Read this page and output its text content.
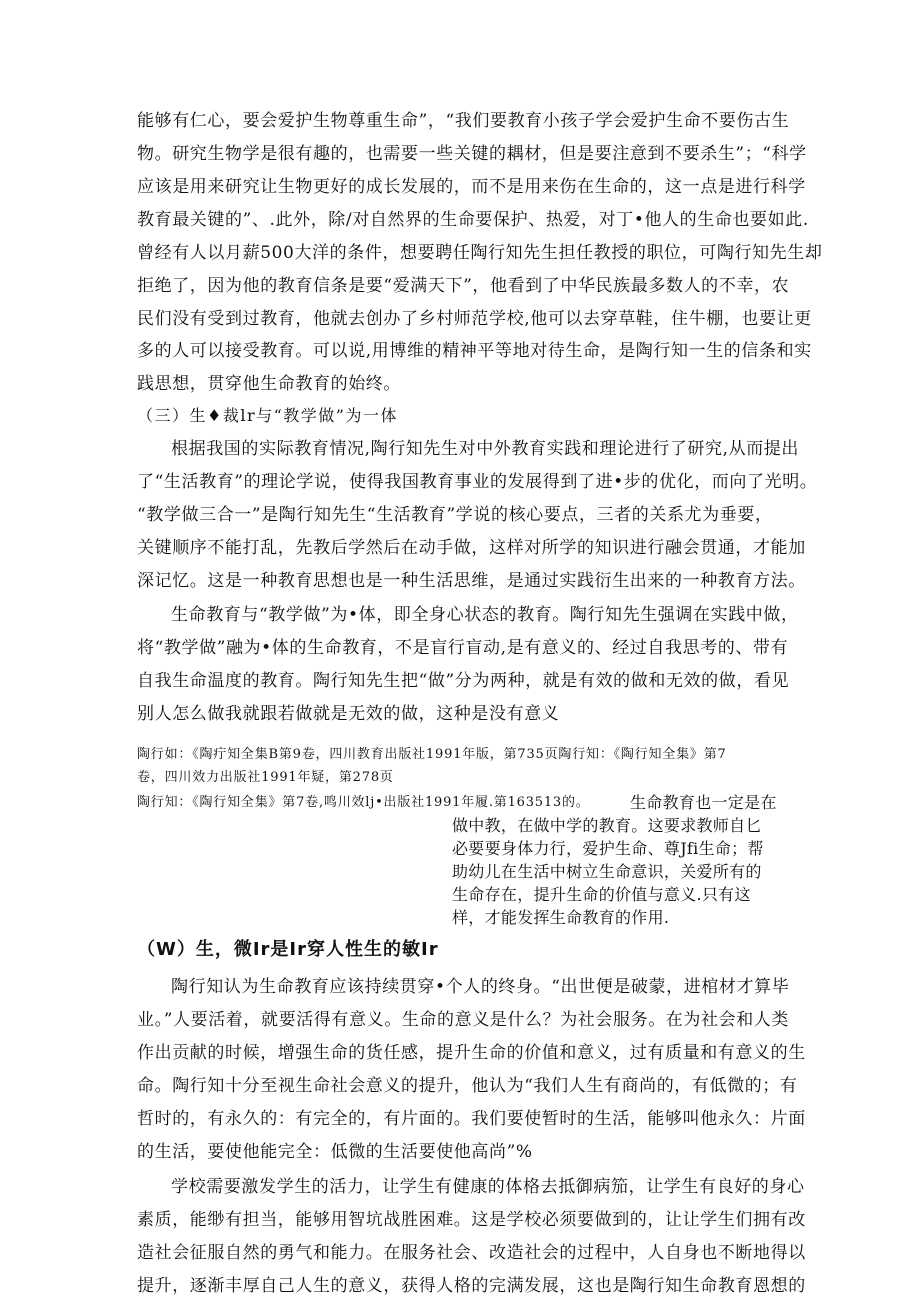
能够有仁心，要会爱护生物尊重生命”，“我们要教育小孩子学会爱护生命不要伤古生
物。研究生物学是很有趣的，也需要一些关键的耦材，但是要注意到不要杀生”；“科学
应该是用来研究让生物更好的成长发展的，而不是用来伤在生命的，这一点是进行科学
教育最关键的”、.此外，除/对自然界的生命要保护、热爱，对丁•他人的生命也要如此.
曾经有人以月薪500大洋的条件，想要聘任陶行知先生担任教授的职位，可陶行知先生却
拒绝了，因为他的教育信条是要“爱满天下”，他看到了中华民族最多数人的不幸，农
民们没有受到过教育，他就去创办了乡村师范学校,他可以去穿草鞋，住牛棚，也要让更
多的人可以接受教育。可以说,用博维的精神平等地对待生命，是陶行知一生的信条和实
践思想，贯穿他生命教育的始终。
（三）生♦裁lr与“教学做”为一体
根据我国的实际教育情况,陶行知先生对中外教育实践和理论进行了研究,从而提出
了“生活教育”的理论学说，使得我国教育事业的发展得到了进•步的优化，而向了光明。
“教学做三合一”是陶行知先生“生活教育”学说的核心要点，三者的关系尤为垂要，
关键顺序不能打乱，先教后学然后在动手做，这样对所学的知识进行融会贯通，才能加
深记忆。这是一种教育思想也是一种生活思维，是通过实践衍生出来的一种教育方法。
生命教育与“教学做”为•体，即全身心状态的教育。陶行知先生强调在实践中做，
将“教学做”融为•体的生命教育，不是盲行盲动,是有意义的、经过自我思考的、带有
自我生命温度的教育。陶行知先生把“做”分为两种，就是有效的做和无效的做，看见
别人怎么做我就跟若做就是无效的做，这种是没有意义
陶行如：《陶疔知全集B第9卷，四川教育出版社1991年版，第735页陶行知：《陶行知全集》第7
卷，四川效力出版社1991年疑，第278页
陶行知：《陶行知全集》第7卷,鸣川效lj•出版社1991年履.第163513的。	生命教育也一定是在
做中教，在做中学的教育。这要求教师自匕
必要要身体力行，爱护生命、尊Jfi生命；帮
助幼儿在生活中树立生命意识，关爱所有的
生命存在，提升生命的价值与意义.只有这
样，才能发挥生命教育的作用.
（W）生，微Ir是Ir穿人性生的敏Ir
陶行知认为生命教育应该持续贯穿•个人的终身。“出世便是破蒙，进棺材才算毕
业。”人要活着，就要活得有意义。生命的意义是什么？为社会服务。在为社会和人类
作出贡献的时候，增强生命的货任感，提升生命的价值和意义，过有质量和有意义的生
命。陶行知十分至视生命社会意义的提升，他认为“我们人生有商尚的，有低微的；有
哲时的，有永久的：有完全的，有片面的。我们要使暂时的生活，能够叫他永久：片面
的生活，要使他能完全：低微的生活要使他高尚”%
学校需要激发学生的活力，让学生有健康的体格去抵御病笳，让学生有良好的身心
素质，能缈有担当，能够用智坑战胜困难。这是学校必须要做到的，让让学生们拥有改
造社会征服自然的勇气和能力。在服务社会、改造社会的过程中，人自身也不断地得以
提升，逐渐丰厚自己人生的意义，获得人格的完满发展，这也是陶行知生命教育恩想的
